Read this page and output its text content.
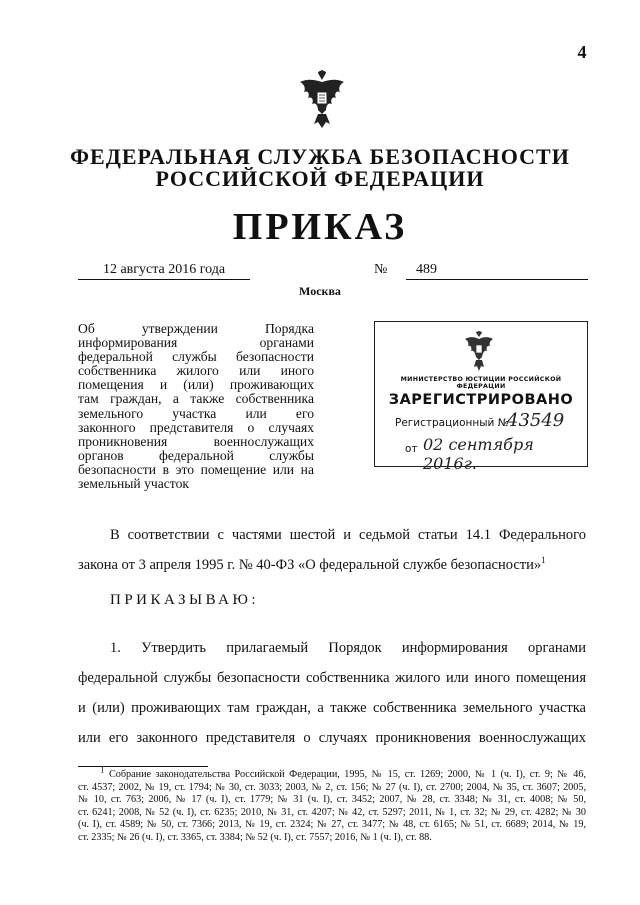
4
ФЕДЕРАЛЬНАЯ СЛУЖБА БЕЗОПАСНОСТИ
РОССИЙСКОЙ ФЕДЕРАЦИИ
ПРИКАЗ
12 августа 2016 года	№	489
Москва
Об утверждении Порядка
информирования органами
федеральной службы безопасности
собственника жилого или иного
помещения и (или) проживающих
там граждан, а также собственника
земельного участка или его
законного представителя о случаях
проникновения военнослужащих
органов федеральной службы
безопасности в это помещение или на
земельный участок
МИНИСТЕРСТВО ЮСТИЦИИ РОССИЙСКОЙ ФЕДЕРАЦИИ
ЗАРЕГИСТРИРОВАНО
Регистрационный №
43549
от 02 сентября 2016г.
В соответствии с частями шестой и седьмой статьи 14.1 Федерального
закона от 3 апреля 1995 г. № 40-ФЗ «О федеральной службе безопасности»$^1$
ПРИКАЗЫВАЮ:
1. Утвердить прилагаемый Порядок информирования органами
федеральной службы безопасности собственника жилого или иного помещения
и (или) проживающих там граждан, а также собственника земельного участка
или его законного представителя о случаях проникновения военнослужащих
$^1$ Собрание законодательства Российской Федерации, 1995, № 15, ст. 1269; 2000, № 1 (ч. I), ст. 9; № 46,
ст. 4537; 2002, № 19, ст. 1794; № 30, ст. 3033; 2003, № 2, ст. 156; № 27 (ч. I), ст. 2700; 2004, № 35, ст. 3607; 2005,
№ 10, ст. 763; 2006, № 17 (ч. I), ст. 1779; № 31 (ч. I), ст. 3452; 2007, № 28, ст. 3348; № 31, ст. 4008; № 50,
ст. 6241; 2008, № 52 (ч. I), ст. 6235; 2010, № 31, ст. 4207; № 42, ст. 5297; 2011, № 1, ст. 32; № 29, ст. 4282; № 30
(ч. I), ст. 4589; № 50, ст. 7366; 2013, № 19, ст. 2324; № 27, ст. 3477; № 48, ст. 6165; № 51, ст. 6689; 2014, № 19,
ст. 2335; № 26 (ч. I), ст. 3365, ст. 3384; № 52 (ч. I), ст. 7557; 2016, № 1 (ч. I), ст. 88.
